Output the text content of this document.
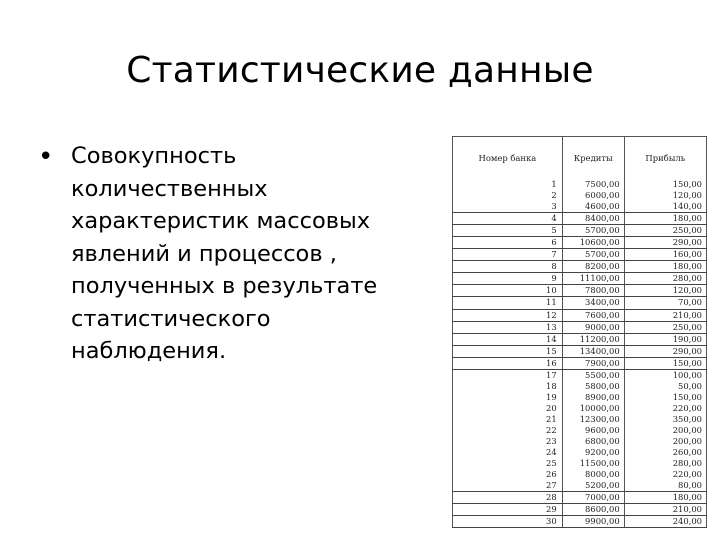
Статистические данные
• Совокупность
количественных
характеристик массовых
явлений и процессов ,
полученных в результате
статистического
наблюдения.
Номер банка	Кредиты	Прибыль
1	7500,00	150,00
2	6000,00	120,00
3	4600,00	140,00
4	8400,00	180,00
5	5700,00	250,00
6	10600,00	290,00
7	5700,00	160,00
8	8200,00	180,00
9	11100,00	280,00
10	7800,00	120,00
11	3400,00	70,00
12	7600,00	210,00
13	9000,00	250,00
14	11200,00	190,00
15	13400,00	290,00
16	7900,00	150,00
17	5500,00	100,00
18	5800,00	50,00
19	8900,00	150,00
20	10000,00	220,00
21	12300,00	350,00
22	9600,00	200,00
23	6800,00	200,00
24	9200,00	260,00
25	11500,00	280,00
26	8000,00	220,00
27	5200,00	80,00
28	7000,00	180,00
29	8600,00	210,00
30	9900,00	240,00
